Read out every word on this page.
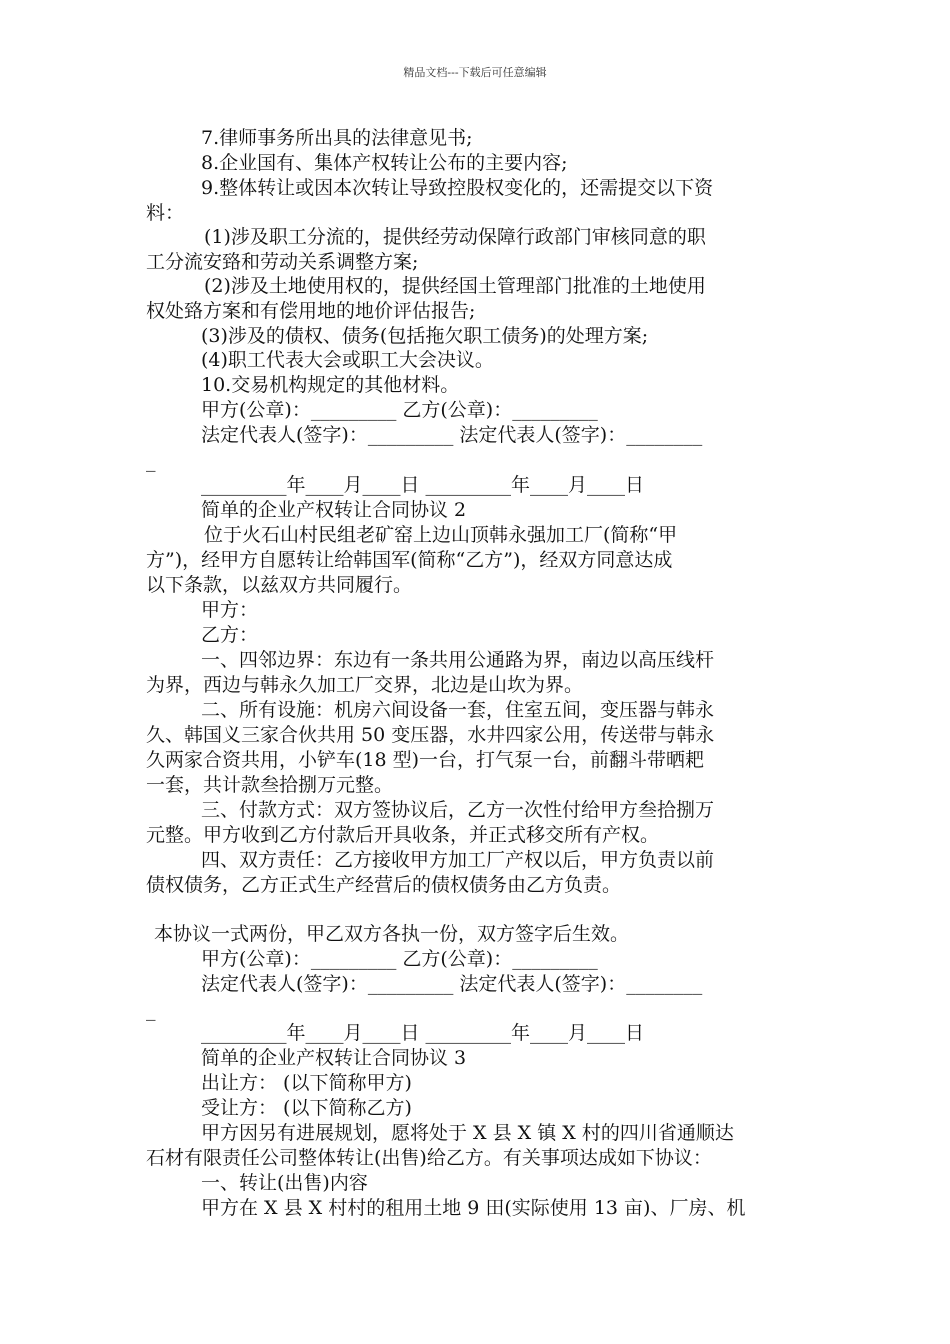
精品文档---下载后可任意编辑
7.律师事务所出具的法律意见书;
8.企业国有、集体产权转让公布的主要内容;
9.整体转让或因本次转让导致控股权变化的，还需提交以下资
料：
(1)涉及职工分流的，提供经劳动保障行政部门审核同意的职
工分流安臵和劳动关系调整方案;
(2)涉及土地使用权的，提供经国土管理部门批准的土地使用
权处臵方案和有偿用地的地价评估报告;
(3)涉及的债权、债务(包括拖欠职工债务)的处理方案;
(4)职工代表大会或职工大会决议。
10.交易机构规定的其他材料。
甲方(公章)：_________ 乙方(公章)：_________
法定代表人(签字)：_________ 法定代表人(签字)：________
_
_________年____月____日 _________年____月____日
简单的企业产权转让合同协议 2
位于火石山村民组老矿窑上边山顶韩永强加工厂(简称“甲
方”)，经甲方自愿转让给韩国军(简称“乙方”)，经双方同意达成
以下条款，以兹双方共同履行。
甲方：
乙方：
一、四邻边界：东边有一条共用公通路为界，南边以高压线杆
为界，西边与韩永久加工厂交界，北边是山坎为界。
二、所有设施：机房六间设备一套，住室五间，变压器与韩永
久、韩国义三家合伙共用 50 变压器，水井四家公用，传送带与韩永
久两家合资共用，小铲车(18 型)一台，打气泵一台，前翻斗带晒耙
一套，共计款叁拾捌万元整。
三、付款方式：双方签协议后，乙方一次性付给甲方叁拾捌万
元整。甲方收到乙方付款后开具收条，并正式移交所有产权。
四、双方责任：乙方接收甲方加工厂产权以后，甲方负责以前
债权债务，乙方正式生产经营后的债权债务由乙方负责。
本协议一式两份，甲乙双方各执一份，双方签字后生效。
甲方(公章)：_________ 乙方(公章)：_________
法定代表人(签字)：_________ 法定代表人(签字)：________
_
_________年____月____日 _________年____月____日
简单的企业产权转让合同协议 3
出让方： (以下简称甲方)
受让方： (以下简称乙方)
甲方因另有进展规划，愿将处于 X 县 X 镇 X 村的四川省通顺达
石材有限责任公司整体转让(出售)给乙方。有关事项达成如下协议：
一、转让(出售)内容
甲方在 X 县 X 村村的租用土地 9 田(实际使用 13 亩)、厂房、机
